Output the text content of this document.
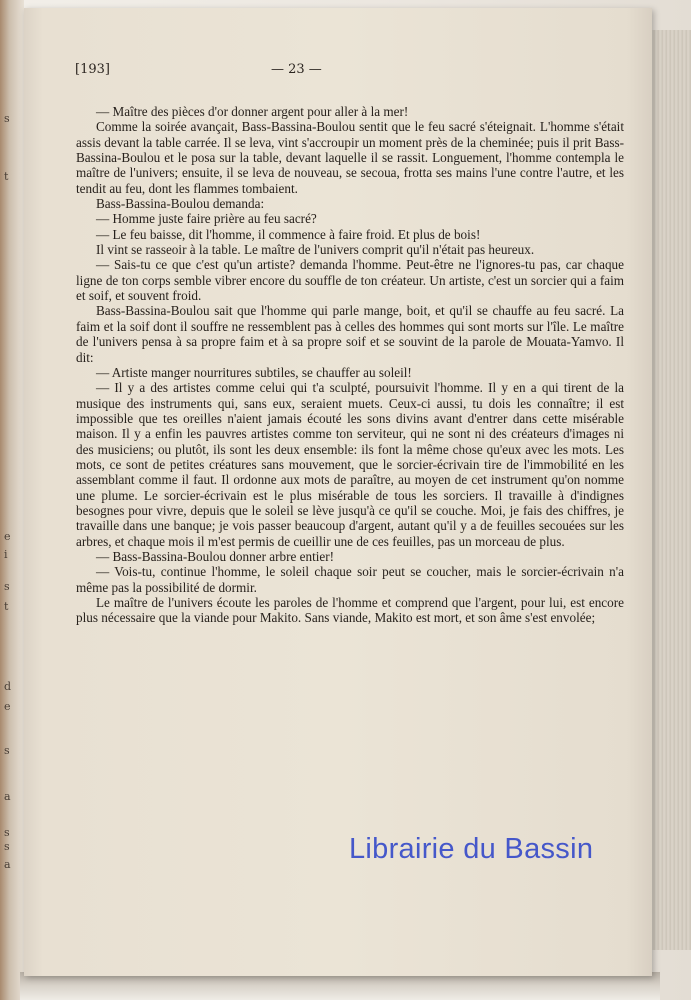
s
t
e
i
s
t
d
e
s
a
s
s
a
[193]	— 23 —

— Maître des pièces d'or donner argent pour aller à la mer!

Comme la soirée avançait, Bass-Bassina-Boulou sentit que le feu sacré s'éteignait. L'homme s'était assis devant la table carrée. Il se leva, vint s'accroupir un moment près de la cheminée; puis il prit Bass-Bassina-Boulou et le posa sur la table, devant laquelle il se rassit. Longuement, l'homme contempla le maître de l'univers; ensuite, il se leva de nouveau, se secoua, frotta ses mains l'une contre l'autre, et les tendit au feu, dont les flammes tombaient.

Bass-Bassina-Boulou demanda:

— Homme juste faire prière au feu sacré?

— Le feu baisse, dit l'homme, il commence à faire froid. Et plus de bois!

Il vint se rasseoir à la table. Le maître de l'univers comprit qu'il n'était pas heureux.

— Sais-tu ce que c'est qu'un artiste? demanda l'homme. Peut-être ne l'ignores-tu pas, car chaque ligne de ton corps semble vibrer encore du souffle de ton créateur. Un artiste, c'est un sorcier qui a faim et soif, et souvent froid.

Bass-Bassina-Boulou sait que l'homme qui parle mange, boit, et qu'il se chauffe au feu sacré. La faim et la soif dont il souffre ne ressemblent pas à celles des hommes qui sont morts sur l'île. Le maître de l'univers pensa à sa propre faim et à sa propre soif et se souvint de la parole de Mouata-Yamvo. Il dit:

— Artiste manger nourritures subtiles, se chauffer au soleil!

— Il y a des artistes comme celui qui t'a sculpté, poursuivit l'homme. Il y en a qui tirent de la musique des instruments qui, sans eux, seraient muets. Ceux-ci aussi, tu dois les connaître; il est impossible que tes oreilles n'aient jamais écouté les sons divins avant d'entrer dans cette misérable maison. Il y a enfin les pauvres artistes comme ton serviteur, qui ne sont ni des créateurs d'images ni des musiciens; ou plutôt, ils sont les deux ensemble: ils font la même chose qu'eux avec les mots. Les mots, ce sont de petites créatures sans mouvement, que le sorcier-écrivain tire de l'immobilité en les assemblant comme il faut. Il ordonne aux mots de paraître, au moyen de cet instrument qu'on nomme une plume. Le sorcier-écrivain est le plus misérable de tous les sorciers. Il travaille à d'indignes besognes pour vivre, depuis que le soleil se lève jusqu'à ce qu'il se couche. Moi, je fais des chiffres, je travaille dans une banque; je vois passer beaucoup d'argent, autant qu'il y a de feuilles secouées sur les arbres, et chaque mois il m'est permis de cueillir une de ces feuilles, pas un morceau de plus.

— Bass-Bassina-Boulou donner arbre entier!

— Vois-tu, continue l'homme, le soleil chaque soir peut se coucher, mais le sorcier-écrivain n'a même pas la possibilité de dormir.

Le maître de l'univers écoute les paroles de l'homme et comprend que l'argent, pour lui, est encore plus nécessaire que la viande pour Makito. Sans viande, Makito est mort, et son âme s'est envolée;

Librairie du Bassin
